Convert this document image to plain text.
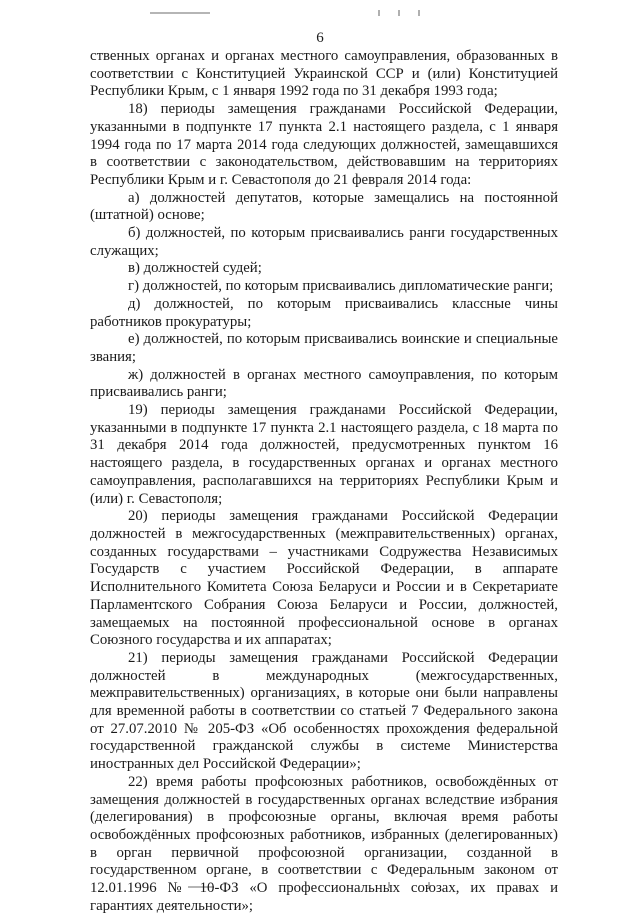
6

ственных органах и органах местного самоуправления, образованных в соответствии с Конституцией Украинской ССР и (или) Конституцией Республики Крым, с 1 января 1992 года по 31 декабря 1993 года;

18) периоды замещения гражданами Российской Федерации, указанными в подпункте 17 пункта 2.1 настоящего раздела, с 1 января 1994 года по 17 марта 2014 года следующих должностей, замещавшихся в соответствии с законодательством, действовавшим на территориях Республики Крым и г. Севастополя до 21 февраля 2014 года:

а) должностей депутатов, которые замещались на постоянной (штатной) основе;

б) должностей, по которым присваивались ранги государственных служащих;

в) должностей судей;

г) должностей, по которым присваивались дипломатические ранги;

д) должностей, по которым присваивались классные чины работников прокуратуры;

е) должностей, по которым присваивались воинские и специальные звания;

ж) должностей в органах местного самоуправления, по которым присваивались ранги;

19) периоды замещения гражданами Российской Федерации, указанными в подпункте 17 пункта 2.1 настоящего раздела, с 18 марта по 31 декабря 2014 года должностей, предусмотренных пунктом 16 настоящего раздела, в государственных органах и органах местного самоуправления, располагавшихся на территориях Республики Крым и (или) г. Севастополя;

20) периоды замещения гражданами Российской Федерации должностей в межгосударственных (межправительственных) органах, созданных государствами – участниками Содружества Независимых Государств с участием Российской Федерации, в аппарате Исполнительного Комитета Союза Беларуси и России и в Секретариате Парламентского Собрания Союза Беларуси и России, должностей, замещаемых на постоянной профессиональной основе в органах Союзного государства и их аппаратах;

21) периоды замещения гражданами Российской Федерации должностей в международных (межгосударственных, межправительственных) организациях, в которые они были направлены для временной работы в соответствии со статьей 7 Федерального закона от 27.07.2010 № 205-ФЗ «Об особенностях прохождения федеральной государственной гражданской службы в системе Министерства иностранных дел Российской Федерации»;

22) время работы профсоюзных работников, освобождённых от замещения должностей в государственных органах вследствие избрания (делегирования) в профсоюзные органы, включая время работы освобождённых профсоюзных работников, избранных (делегированных) в орган первичной профсоюзной организации, созданной в государственном органе, в соответствии с Федеральным законом от 12.01.1996 № 10-ФЗ «О профессиональных союзах, их правах и гарантиях деятельности»;
